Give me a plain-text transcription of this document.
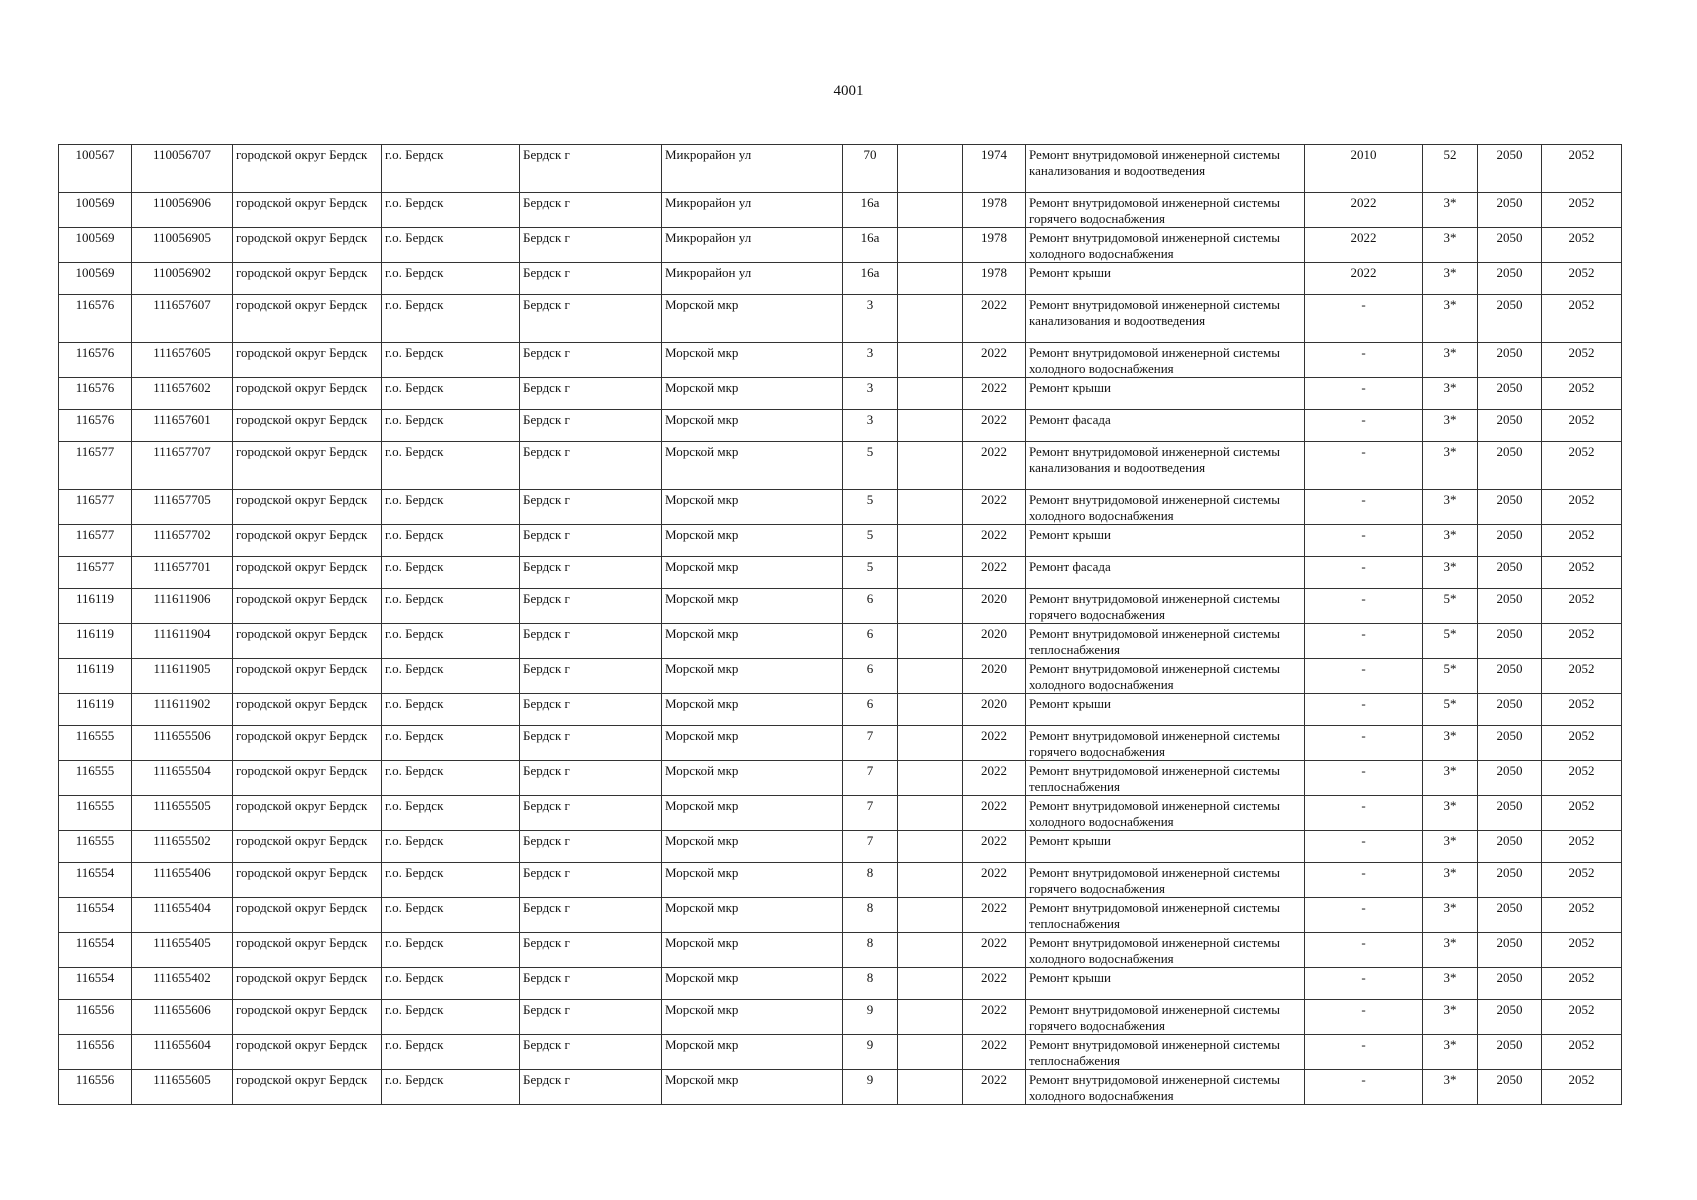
4001
100567	110056707	городской округ Бердск	г.о. Бердск	Бердск г	Микрорайон ул	70		1974	Ремонт внутридомовой инженерной системы канализования и водоотведения	2010	52	2050	2052
100569	110056906	городской округ Бердск	г.о. Бердск	Бердск г	Микрорайон ул	16а		1978	Ремонт внутридомовой инженерной системы горячего водоснабжения	2022	3*	2050	2052
100569	110056905	городской округ Бердск	г.о. Бердск	Бердск г	Микрорайон ул	16а		1978	Ремонт внутридомовой инженерной системы холодного водоснабжения	2022	3*	2050	2052
100569	110056902	городской округ Бердск	г.о. Бердск	Бердск г	Микрорайон ул	16а		1978	Ремонт крыши	2022	3*	2050	2052
116576	111657607	городской округ Бердск	г.о. Бердск	Бердск г	Морской мкр	3		2022	Ремонт внутридомовой инженерной системы канализования и водоотведения	-	3*	2050	2052
116576	111657605	городской округ Бердск	г.о. Бердск	Бердск г	Морской мкр	3		2022	Ремонт внутридомовой инженерной системы холодного водоснабжения	-	3*	2050	2052
116576	111657602	городской округ Бердск	г.о. Бердск	Бердск г	Морской мкр	3		2022	Ремонт крыши	-	3*	2050	2052
116576	111657601	городской округ Бердск	г.о. Бердск	Бердск г	Морской мкр	3		2022	Ремонт фасада	-	3*	2050	2052
116577	111657707	городской округ Бердск	г.о. Бердск	Бердск г	Морской мкр	5		2022	Ремонт внутридомовой инженерной системы канализования и водоотведения	-	3*	2050	2052
116577	111657705	городской округ Бердск	г.о. Бердск	Бердск г	Морской мкр	5		2022	Ремонт внутридомовой инженерной системы холодного водоснабжения	-	3*	2050	2052
116577	111657702	городской округ Бердск	г.о. Бердск	Бердск г	Морской мкр	5		2022	Ремонт крыши	-	3*	2050	2052
116577	111657701	городской округ Бердск	г.о. Бердск	Бердск г	Морской мкр	5		2022	Ремонт фасада	-	3*	2050	2052
116119	111611906	городской округ Бердск	г.о. Бердск	Бердск г	Морской мкр	6		2020	Ремонт внутридомовой инженерной системы горячего водоснабжения	-	5*	2050	2052
116119	111611904	городской округ Бердск	г.о. Бердск	Бердск г	Морской мкр	6		2020	Ремонт внутридомовой инженерной системы теплоснабжения	-	5*	2050	2052
116119	111611905	городской округ Бердск	г.о. Бердск	Бердск г	Морской мкр	6		2020	Ремонт внутридомовой инженерной системы холодного водоснабжения	-	5*	2050	2052
116119	111611902	городской округ Бердск	г.о. Бердск	Бердск г	Морской мкр	6		2020	Ремонт крыши	-	5*	2050	2052
116555	111655506	городской округ Бердск	г.о. Бердск	Бердск г	Морской мкр	7		2022	Ремонт внутридомовой инженерной системы горячего водоснабжения	-	3*	2050	2052
116555	111655504	городской округ Бердск	г.о. Бердск	Бердск г	Морской мкр	7		2022	Ремонт внутридомовой инженерной системы теплоснабжения	-	3*	2050	2052
116555	111655505	городской округ Бердск	г.о. Бердск	Бердск г	Морской мкр	7		2022	Ремонт внутридомовой инженерной системы холодного водоснабжения	-	3*	2050	2052
116555	111655502	городской округ Бердск	г.о. Бердск	Бердск г	Морской мкр	7		2022	Ремонт крыши	-	3*	2050	2052
116554	111655406	городской округ Бердск	г.о. Бердск	Бердск г	Морской мкр	8		2022	Ремонт внутридомовой инженерной системы горячего водоснабжения	-	3*	2050	2052
116554	111655404	городской округ Бердск	г.о. Бердск	Бердск г	Морской мкр	8		2022	Ремонт внутридомовой инженерной системы теплоснабжения	-	3*	2050	2052
116554	111655405	городской округ Бердск	г.о. Бердск	Бердск г	Морской мкр	8		2022	Ремонт внутридомовой инженерной системы холодного водоснабжения	-	3*	2050	2052
116554	111655402	городской округ Бердск	г.о. Бердск	Бердск г	Морской мкр	8		2022	Ремонт крыши	-	3*	2050	2052
116556	111655606	городской округ Бердск	г.о. Бердск	Бердск г	Морской мкр	9		2022	Ремонт внутридомовой инженерной системы горячего водоснабжения	-	3*	2050	2052
116556	111655604	городской округ Бердск	г.о. Бердск	Бердск г	Морской мкр	9		2022	Ремонт внутридомовой инженерной системы теплоснабжения	-	3*	2050	2052
116556	111655605	городской округ Бердск	г.о. Бердск	Бердск г	Морской мкр	9		2022	Ремонт внутридомовой инженерной системы холодного водоснабжения	-	3*	2050	2052
